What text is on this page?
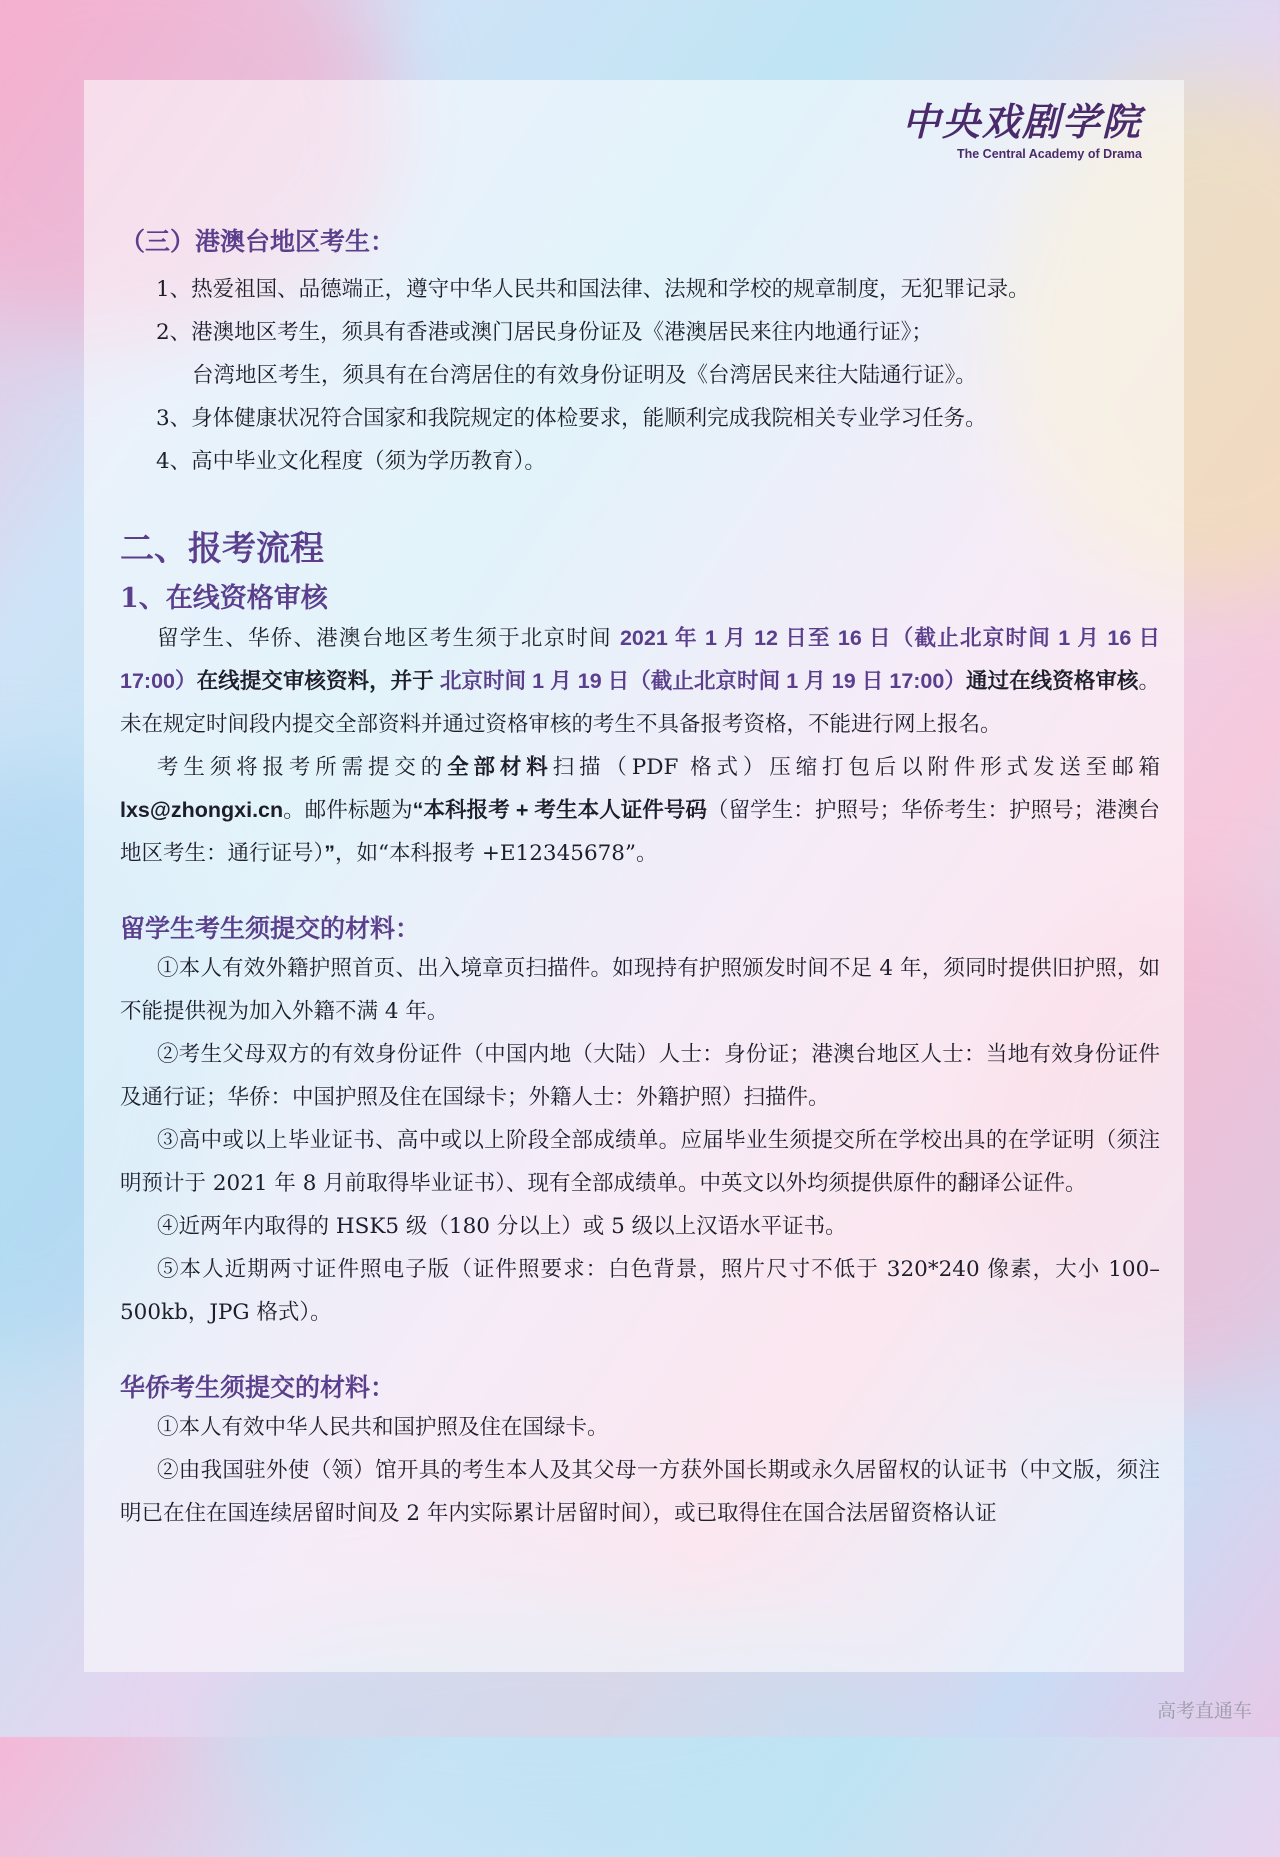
中央戏剧学院
The Central Academy of Drama
（三）港澳台地区考生：

1、热爱祖国、品德端正，遵守中华人民共和国法律、法规和学校的规章制度，无犯罪记录。

2、港澳地区考生，须具有香港或澳门居民身份证及《港澳居民来往内地通行证》；

台湾地区考生，须具有在台湾居住的有效身份证明及《台湾居民来往大陆通行证》。

3、身体健康状况符合国家和我院规定的体检要求，能顺利完成我院相关专业学习任务。

4、高中毕业文化程度（须为学历教育）。

二、报考流程
1、在线资格审核

留学生、华侨、港澳台地区考生须于北京时间 2021 年 1 月 12 日至 16 日（截止北京时间 1 月 16 日 17:00）在线提交审核资料，并于 北京时间 1 月 19 日（截止北京时间 1 月 19 日 17:00）通过在线资格审核。未在规定时间段内提交全部资料并通过资格审核的考生不具备报考资格，不能进行网上报名。

考生须将报考所需提交的全部材料扫描（PDF 格式）压缩打包后以附件形式发送至邮箱 lxs@zhongxi.cn。邮件标题为“本科报考 + 考生本人证件号码（留学生：护照号；华侨考生：护照号；港澳台地区考生：通行证号）”，如“本科报考 +E12345678”。

留学生考生须提交的材料：

①本人有效外籍护照首页、出入境章页扫描件。如现持有护照颁发时间不足 4 年，须同时提供旧护照，如不能提供视为加入外籍不满 4 年。

②考生父母双方的有效身份证件（中国内地（大陆）人士：身份证；港澳台地区人士：当地有效身份证件及通行证；华侨：中国护照及住在国绿卡；外籍人士：外籍护照）扫描件。

③高中或以上毕业证书、高中或以上阶段全部成绩单。应届毕业生须提交所在学校出具的在学证明（须注明预计于 2021 年 8 月前取得毕业证书）、现有全部成绩单。中英文以外均须提供原件的翻译公证件。

④近两年内取得的 HSK5 级（180 分以上）或 5 级以上汉语水平证书。

⑤本人近期两寸证件照电子版（证件照要求：白色背景，照片尺寸不低于 320*240 像素，大小 100–500kb，JPG 格式）。

华侨考生须提交的材料：

①本人有效中华人民共和国护照及住在国绿卡。

②由我国驻外使（领）馆开具的考生本人及其父母一方获外国长期或永久居留权的认证书（中文版，须注明已在住在国连续居留时间及 2 年内实际累计居留时间），或已取得住在国合法居留资格认证

高考直通车
